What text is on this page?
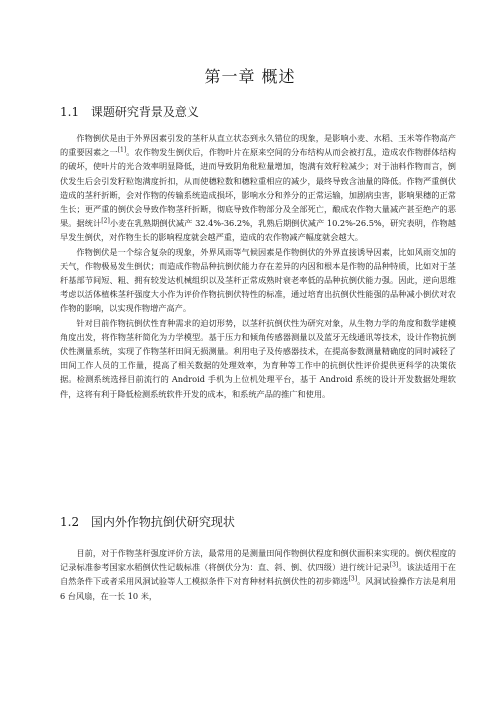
第一章 概述
1.1 课题研究背景及意义

作物倒伏是由于外界因素引发的茎秆从直立状态到永久错位的现象，是影响小麦、水稻、玉米等作物高产的重要因素之一[1]。农作物发生倒伏后，作物叶片在原来空间的分布结构从而会被打乱，造成农作物群体结构的破坏，使叶片的光合效率明显降低，进而导致阴角秕粒量增加，饱满有效籽粒减少；对于油料作物而言，倒伏发生后会引发籽粒饱满度折扣，从而使穗粒数和穗粒重相应的减少，最终导致含油量的降低。作物严重倒伏造成的茎秆折断，会对作物的传输系统造成损坏，影响水分和养分的正常运输，加剧病虫害，影响果穗的正常生长；更严重的倒伏会导致作物茎秆折断，彻底导致作物部分及全部死亡，酿成农作物大量减产甚至绝产的恶果。据统计[2]小麦在乳熟期倒伏减产 32.4%-36.2%，乳熟后期倒伏减产 10.2%-26.5%，研究表明，作物越早发生倒伏，对作物生长的影响程度就会越严重，造成的农作物减产幅度就会越大。

作物倒伏是一个综合复杂的现象，外界风雨等气候因素是作物倒伏的外界直接诱导因素，比如风雨交加的天气，作物极易发生倒伏；而造成作物品种抗倒伏能力存在差异的内因和根本是作物的品种特质，比如对于茎秆基部节间短、粗、拥有较发达机械组织以及茎秆正常成熟时衰老率低的品种抗倒伏能力强。因此，逆向思维考虑以活体植株茎秆强度大小作为评价作物抗倒伏特性的标准，通过培育出抗倒伏性能强的品种减小倒伏对农作物的影响，以实现作物增产高产。

针对目前作物抗倒伏性育种需求的迫切形势，以茎秆抗倒伏性为研究对象，从生物力学的角度和数学建模角度出发，将作物茎秆简化为力学模型。基于压力和倾角传感器测量以及蓝牙无线通讯等技术，设计作物抗倒伏性测量系统，实现了作物茎秆田间无损测量。利用电子及传感器技术，在提高参数测量精确度的同时减轻了田间工作人员的工作量，提高了相关数据的处理效率，为育种等工作中的抗倒伏性评价提供更科学的决策依据。检测系统选择目前流行的 Android 手机为上位机处理平台，基于 Android 系统的设计开发数据处理软件，这将有利于降低检测系统软件开发的成本，和系统产品的推广和使用。

1.2 国内外作物抗倒伏研究现状

目前，对于作物茎秆强度评价方法，最常用的是测量田间作物倒伏程度和倒伏面积来实现的。倒伏程度的记录标准参考国家水稻倒伏性记载标准（将倒伏分为：直、斜、倒、伏四级）进行统计记录[3]。该法适用于在自然条件下或者采用风洞试验等人工模拟条件下对育种材料抗倒伏性的初步筛选[3]。风洞试验操作方法是利用 6 台风扇，在一长 10 米，
